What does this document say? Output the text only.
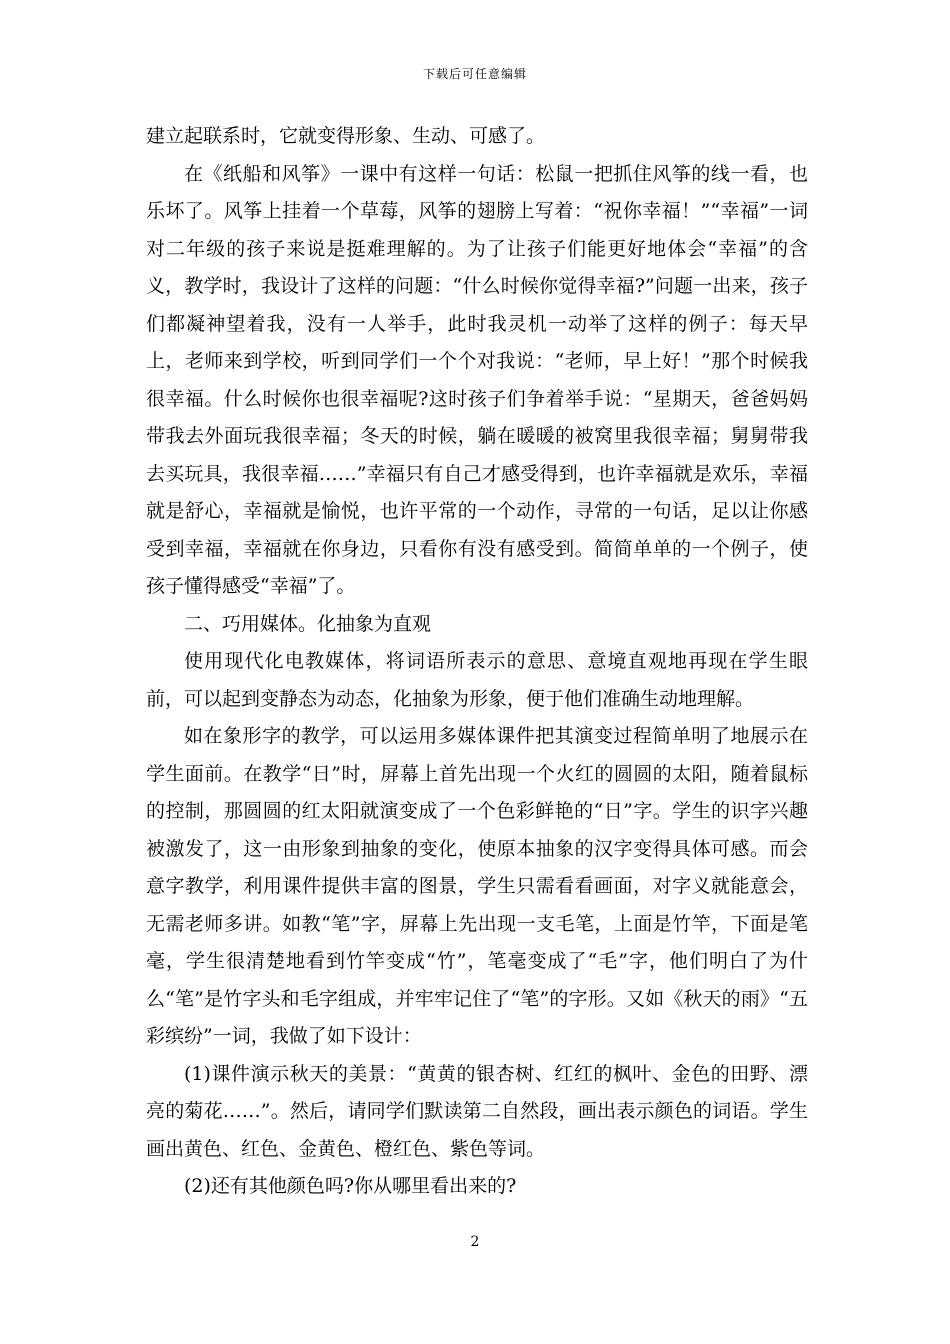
下载后可任意编辑

建立起联系时，它就变得形象、生动、可感了。

在《纸船和风筝》一课中有这样一句话：松鼠一把抓住风筝的线一看，也乐坏了。风筝上挂着一个草莓，风筝的翅膀上写着：“祝你幸福！”“幸福”一词对二年级的孩子来说是挺难理解的。为了让孩子们能更好地体会“幸福”的含义，教学时，我设计了这样的问题：“什么时候你觉得幸福?”问题一出来，孩子们都凝神望着我，没有一人举手，此时我灵机一动举了这样的例子：每天早上，老师来到学校，听到同学们一个个对我说：“老师，早上好！”那个时候我很幸福。什么时候你也很幸福呢?这时孩子们争着举手说：“星期天，爸爸妈妈带我去外面玩我很幸福；冬天的时候，躺在暖暖的被窝里我很幸福；舅舅带我去买玩具，我很幸福……”幸福只有自己才感受得到，也许幸福就是欢乐，幸福就是舒心，幸福就是愉悦，也许平常的一个动作，寻常的一句话，足以让你感受到幸福，幸福就在你身边，只看你有没有感受到。简简单单的一个例子，使孩子懂得感受“幸福”了。

二、巧用媒体。化抽象为直观

使用现代化电教媒体，将词语所表示的意思、意境直观地再现在学生眼前，可以起到变静态为动态，化抽象为形象，便于他们准确生动地理解。

如在象形字的教学，可以运用多媒体课件把其演变过程简单明了地展示在学生面前。在教学“日”时，屏幕上首先出现一个火红的圆圆的太阳，随着鼠标的控制，那圆圆的红太阳就演变成了一个色彩鲜艳的“日”字。学生的识字兴趣被激发了，这一由形象到抽象的变化，使原本抽象的汉字变得具体可感。而会意字教学，利用课件提供丰富的图景，学生只需看看画面，对字义就能意会，无需老师多讲。如教“笔”字，屏幕上先出现一支毛笔，上面是竹竿，下面是笔毫，学生很清楚地看到竹竿变成“竹”，笔毫变成了“毛”字，他们明白了为什么“笔”是竹字头和毛字组成，并牢牢记住了“笔”的字形。又如《秋天的雨》“五彩缤纷”一词，我做了如下设计：

(1)课件演示秋天的美景：“黄黄的银杏树、红红的枫叶、金色的田野、漂亮的菊花……”。然后，请同学们默读第二自然段，画出表示颜色的词语。学生画出黄色、红色、金黄色、橙红色、紫色等词。

(2)还有其他颜色吗?你从哪里看出来的?

2
